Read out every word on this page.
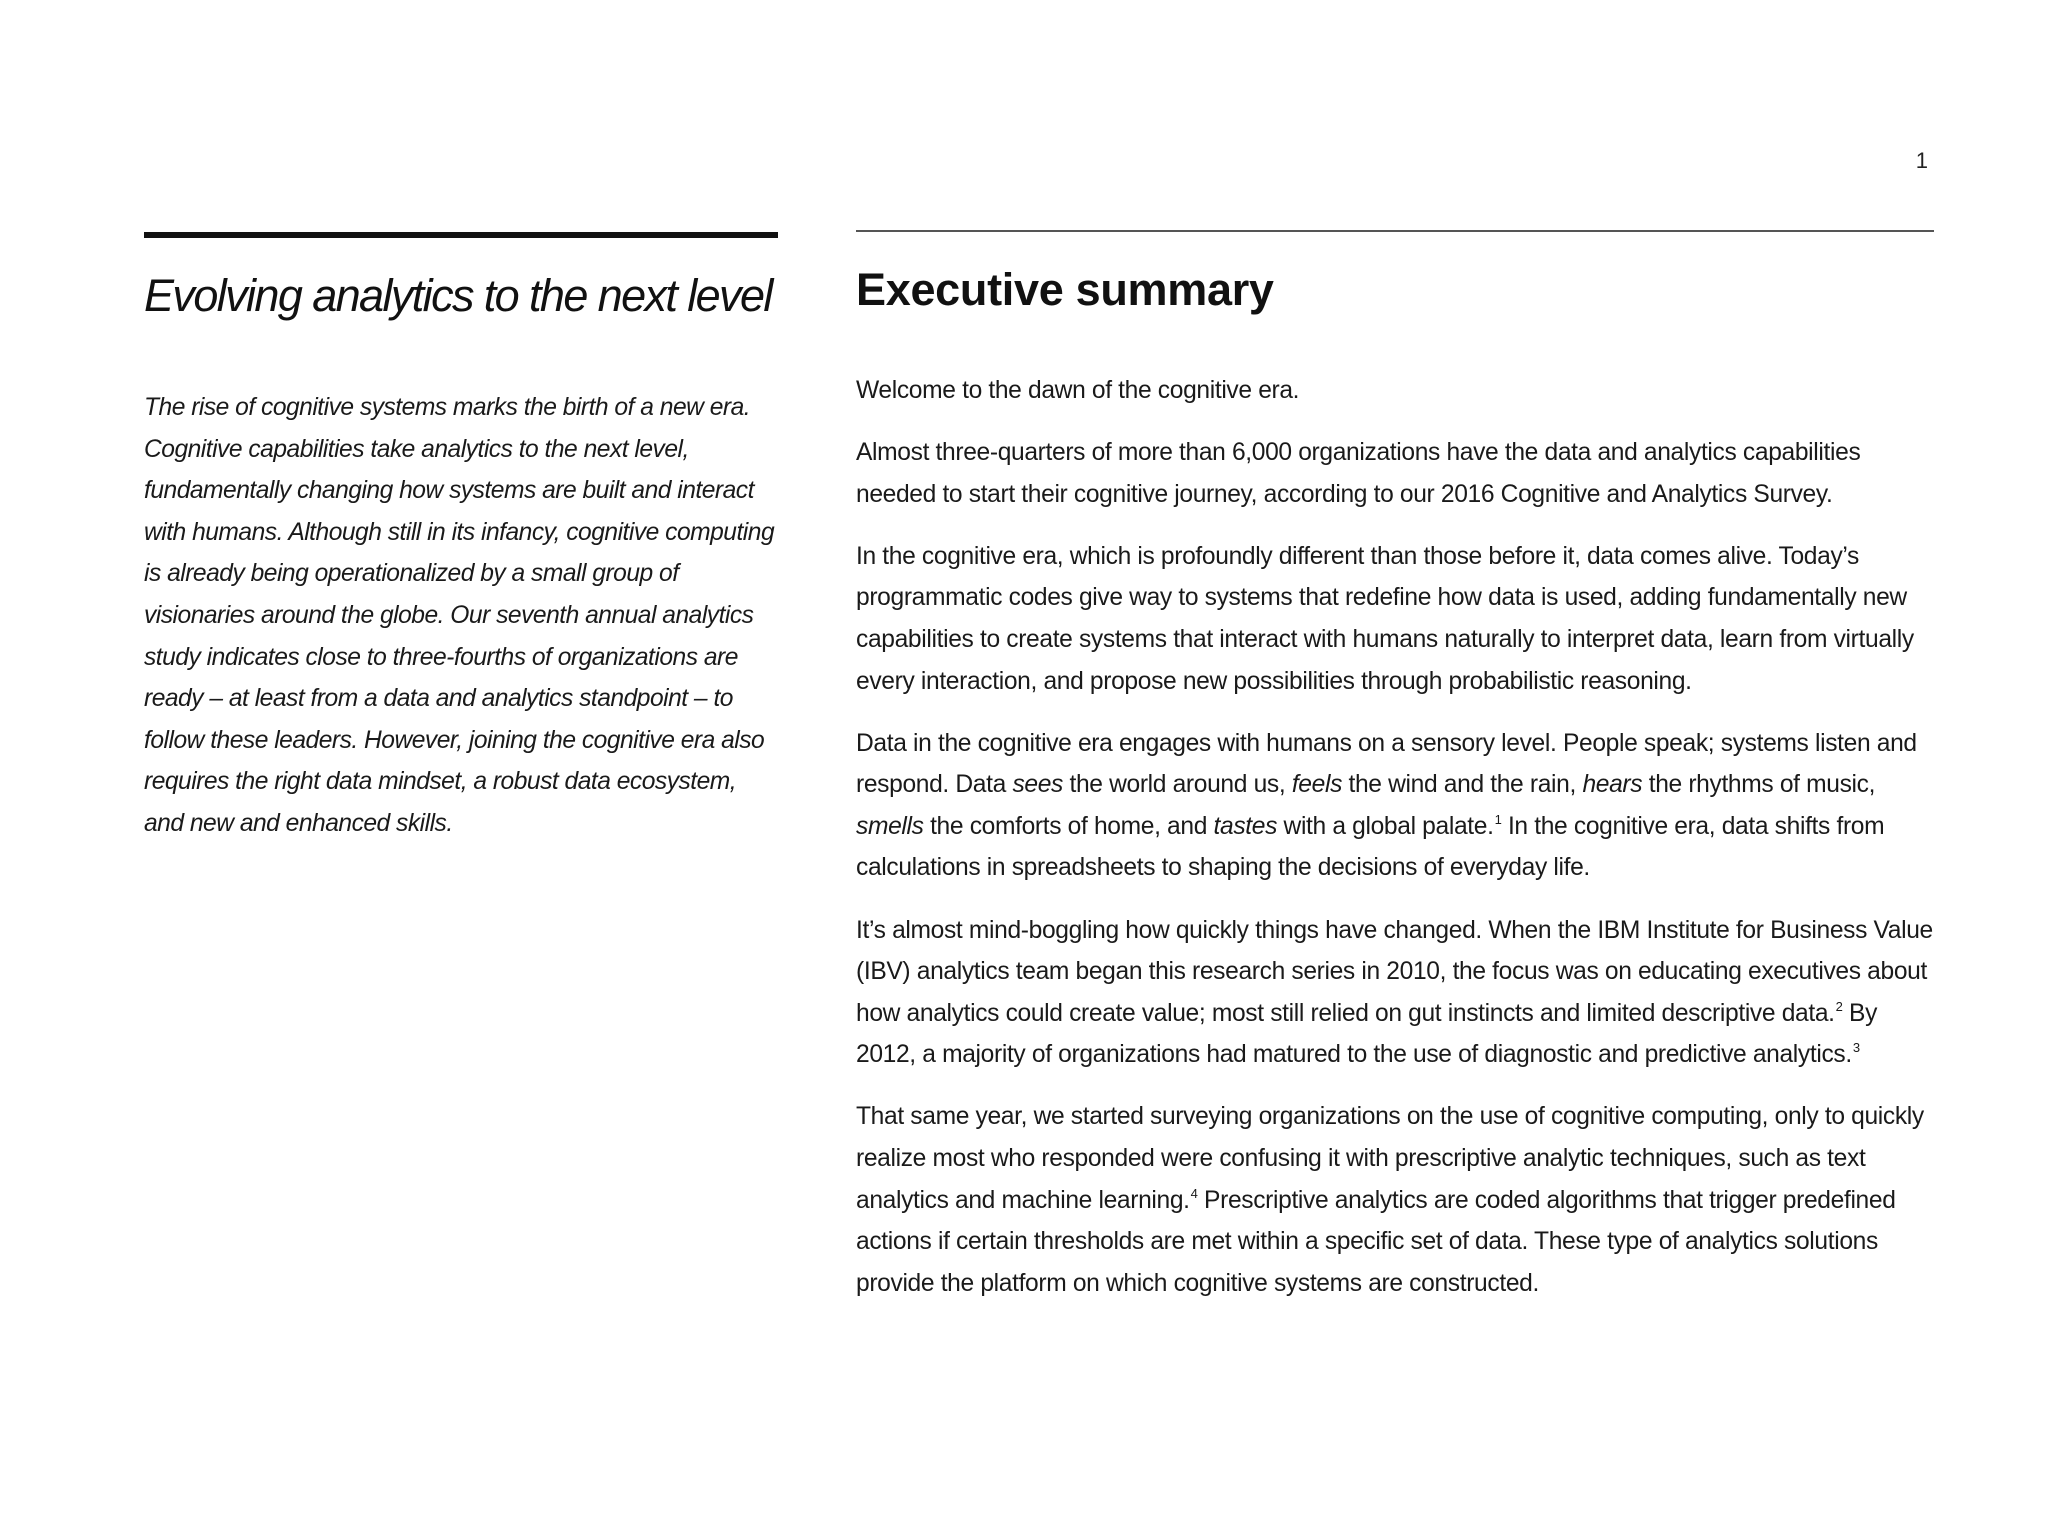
1
Evolving analytics to the next level

The rise of cognitive systems marks the birth of a new era. Cognitive capabilities take analytics to the next level, fundamentally changing how systems are built and interact with humans. Although still in its infancy, cognitive computing is already being operationalized by a small group of visionaries around the globe. Our seventh annual analytics study indicates close to three-fourths of organizations are ready – at least from a data and analytics standpoint – to follow these leaders. However, joining the cognitive era also requires the right data mindset, a robust data ecosystem, and new and enhanced skills.

Executive summary

Welcome to the dawn of the cognitive era.

Almost three-quarters of more than 6,000 organizations have the data and analytics capabilities needed to start their cognitive journey, according to our 2016 Cognitive and Analytics Survey.

In the cognitive era, which is profoundly different than those before it, data comes alive. Today’s programmatic codes give way to systems that redefine how data is used, adding fundamentally new capabilities to create systems that interact with humans naturally to interpret data, learn from virtually every interaction, and propose new possibilities through probabilistic reasoning.

Data in the cognitive era engages with humans on a sensory level. People speak; systems listen and respond. Data sees the world around us, feels the wind and the rain, hears the rhythms of music, smells the comforts of home, and tastes with a global palate.$^1$ In the cognitive era, data shifts from calculations in spreadsheets to shaping the decisions of everyday life.

It’s almost mind-boggling how quickly things have changed. When the IBM Institute for Business Value (IBV) analytics team began this research series in 2010, the focus was on educating executives about how analytics could create value; most still relied on gut instincts and limited descriptive data.$^2$ By 2012, a majority of organizations had matured to the use of diagnostic and predictive analytics.$^3$

That same year, we started surveying organizations on the use of cognitive computing, only to quickly realize most who responded were confusing it with prescriptive analytic techniques, such as text analytics and machine learning.$^4$ Prescriptive analytics are coded algorithms that trigger predefined actions if certain thresholds are met within a specific set of data. These type of analytics solutions provide the platform on which cognitive systems are constructed.
